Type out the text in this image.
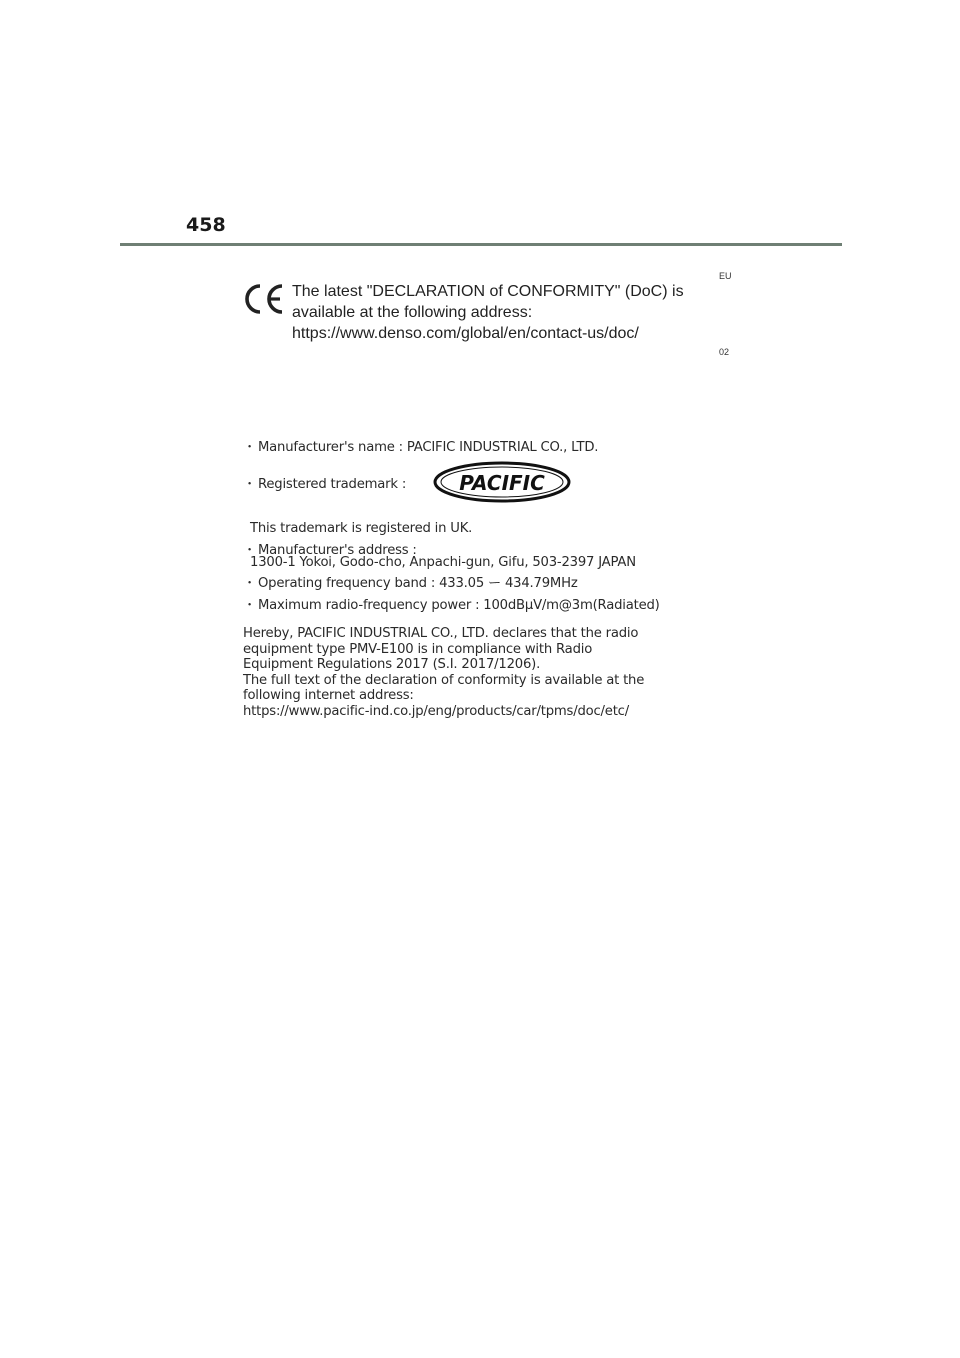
458
EU
The latest "DECLARATION of CONFORMITY" (DoC) is
available at the following address:
https://www.denso.com/global/en/contact-us/doc/
02
・ Manufacturer's name : PACIFIC INDUSTRIAL CO., LTD.
・ Registered trademark :	PACIFIC
This trademark is registered in UK.
・ Manufacturer's address :
1300-1 Yokoi, Godo-cho, Anpachi-gun, Gifu, 503-2397 JAPAN
・ Operating frequency band : 433.05 ー 434.79MHz
・ Maximum radio-frequency power : 100dBμV/m@3m(Radiated)
Hereby, PACIFIC INDUSTRIAL CO., LTD. declares that the radio
equipment type PMV-E100 is in compliance with Radio
Equipment Regulations 2017 (S.I. 2017/1206).
The full text of the declaration of conformity is available at the
following internet address:
https://www.pacific-ind.co.jp/eng/products/car/tpms/doc/etc/
